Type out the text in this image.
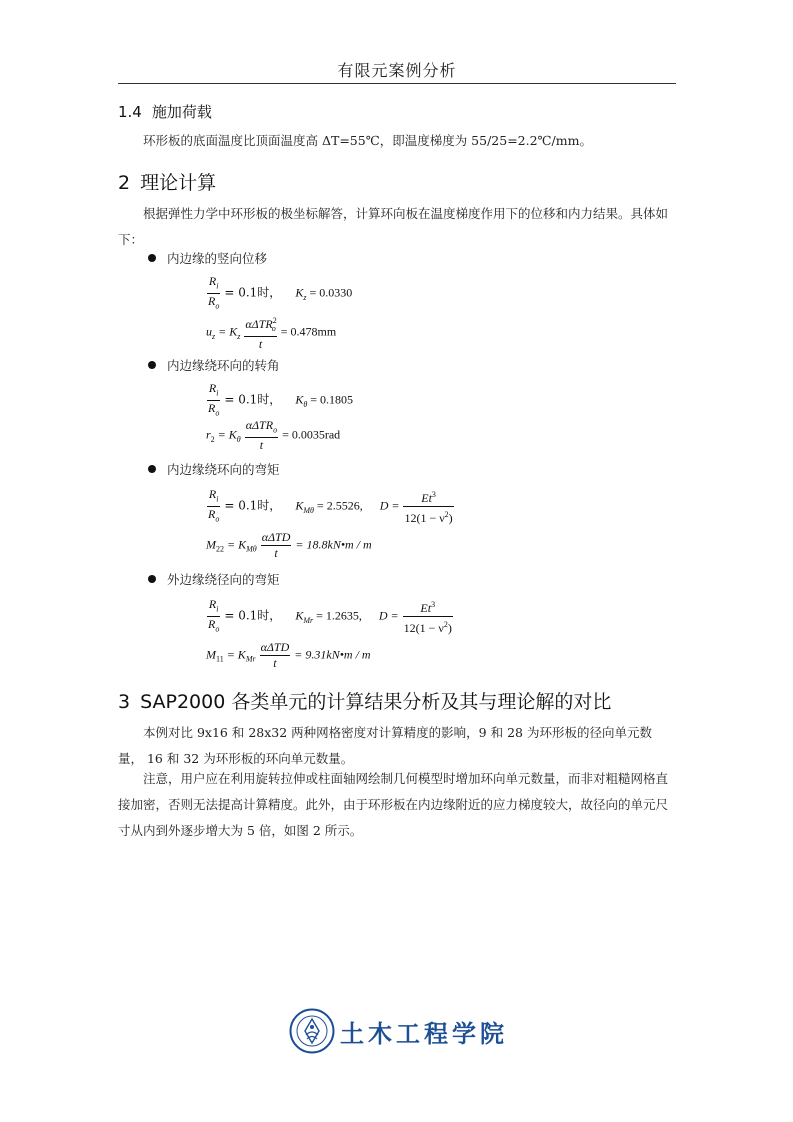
有限元案例分析
1.4 施加荷载
环形板的底面温度比顶面温度高 ΔT=55℃，即温度梯度为 55/25=2.2℃/mm。
2 理论计算
根据弹性力学中环形板的极坐标解答，计算环向板在温度梯度作用下的位移和内力结果。具体如下：
内边缘的竖向位移
$\frac{R_i}{R_o} = 0.1$时， $K_z = 0.0330$
$u_z = K_z \frac{\alpha\Delta TR^2_o}{t} = 0.478mm$
内边缘绕环向的转角
$\frac{R_i}{R_o} = 0.1$时， $K_\theta = 0.1805$
$r_2 = K_\theta \frac{\alpha\Delta TR_o}{t} = 0.0035rad$
内边缘绕环向的弯矩
$\frac{R_i}{R_o} = 0.1$时， $K_{M\theta} = 2.5526$, $D = \frac{Et^3}{12(1 - \nu^2)}$
$M_{22} = K_{M\theta} \frac{\text{αΔTD}}{t}$ = 18.8kN•m / m
外边缘绕径向的弯矩
$\frac{R_i}{R_o} = 0.1$时， $K_{Mr} = 1.2635$, $D = \frac{Et^3}{12(1 - \nu^2)}$
$M_{11} = K_{Mr} \frac{\text{αΔTD}}{t}$ = 9.31kN•m / m
3 SAP2000 各类单元的计算结果分析及其与理论解的对比
本例对比 9x16 和 28x32 两种网格密度对计算精度的影响，9 和 28 为环形板的径向单元数量， 16 和 32 为环形板的环向单元数量。
注意，用户应在利用旋转拉伸或柱面轴网绘制几何模型时增加环向单元数量，而非对粗糙网格直接加密，否则无法提高计算精度。此外，由于环形板在内边缘附近的应力梯度较大，故径向的单元尺寸从内到外逐步增大为 5 倍，如图 2 所示。
土木工程学院
